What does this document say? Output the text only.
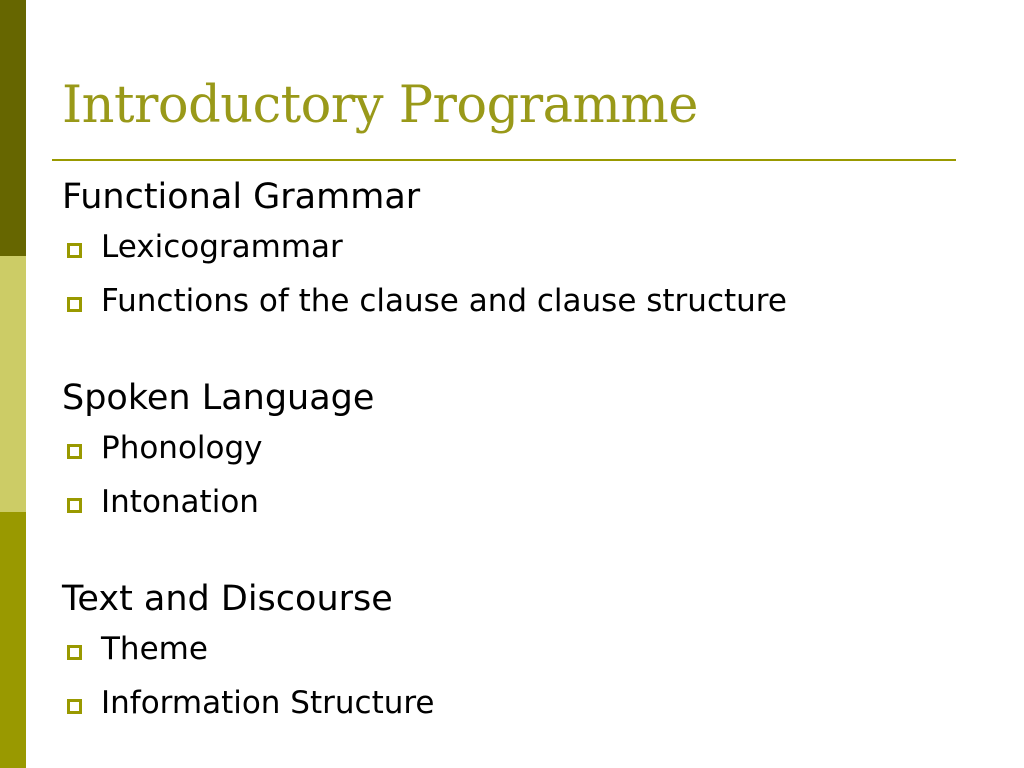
Introductory Programme
Functional Grammar
Lexicogrammar
Functions of the clause and clause structure
Spoken Language
Phonology
Intonation
Text and Discourse
Theme
Information Structure
